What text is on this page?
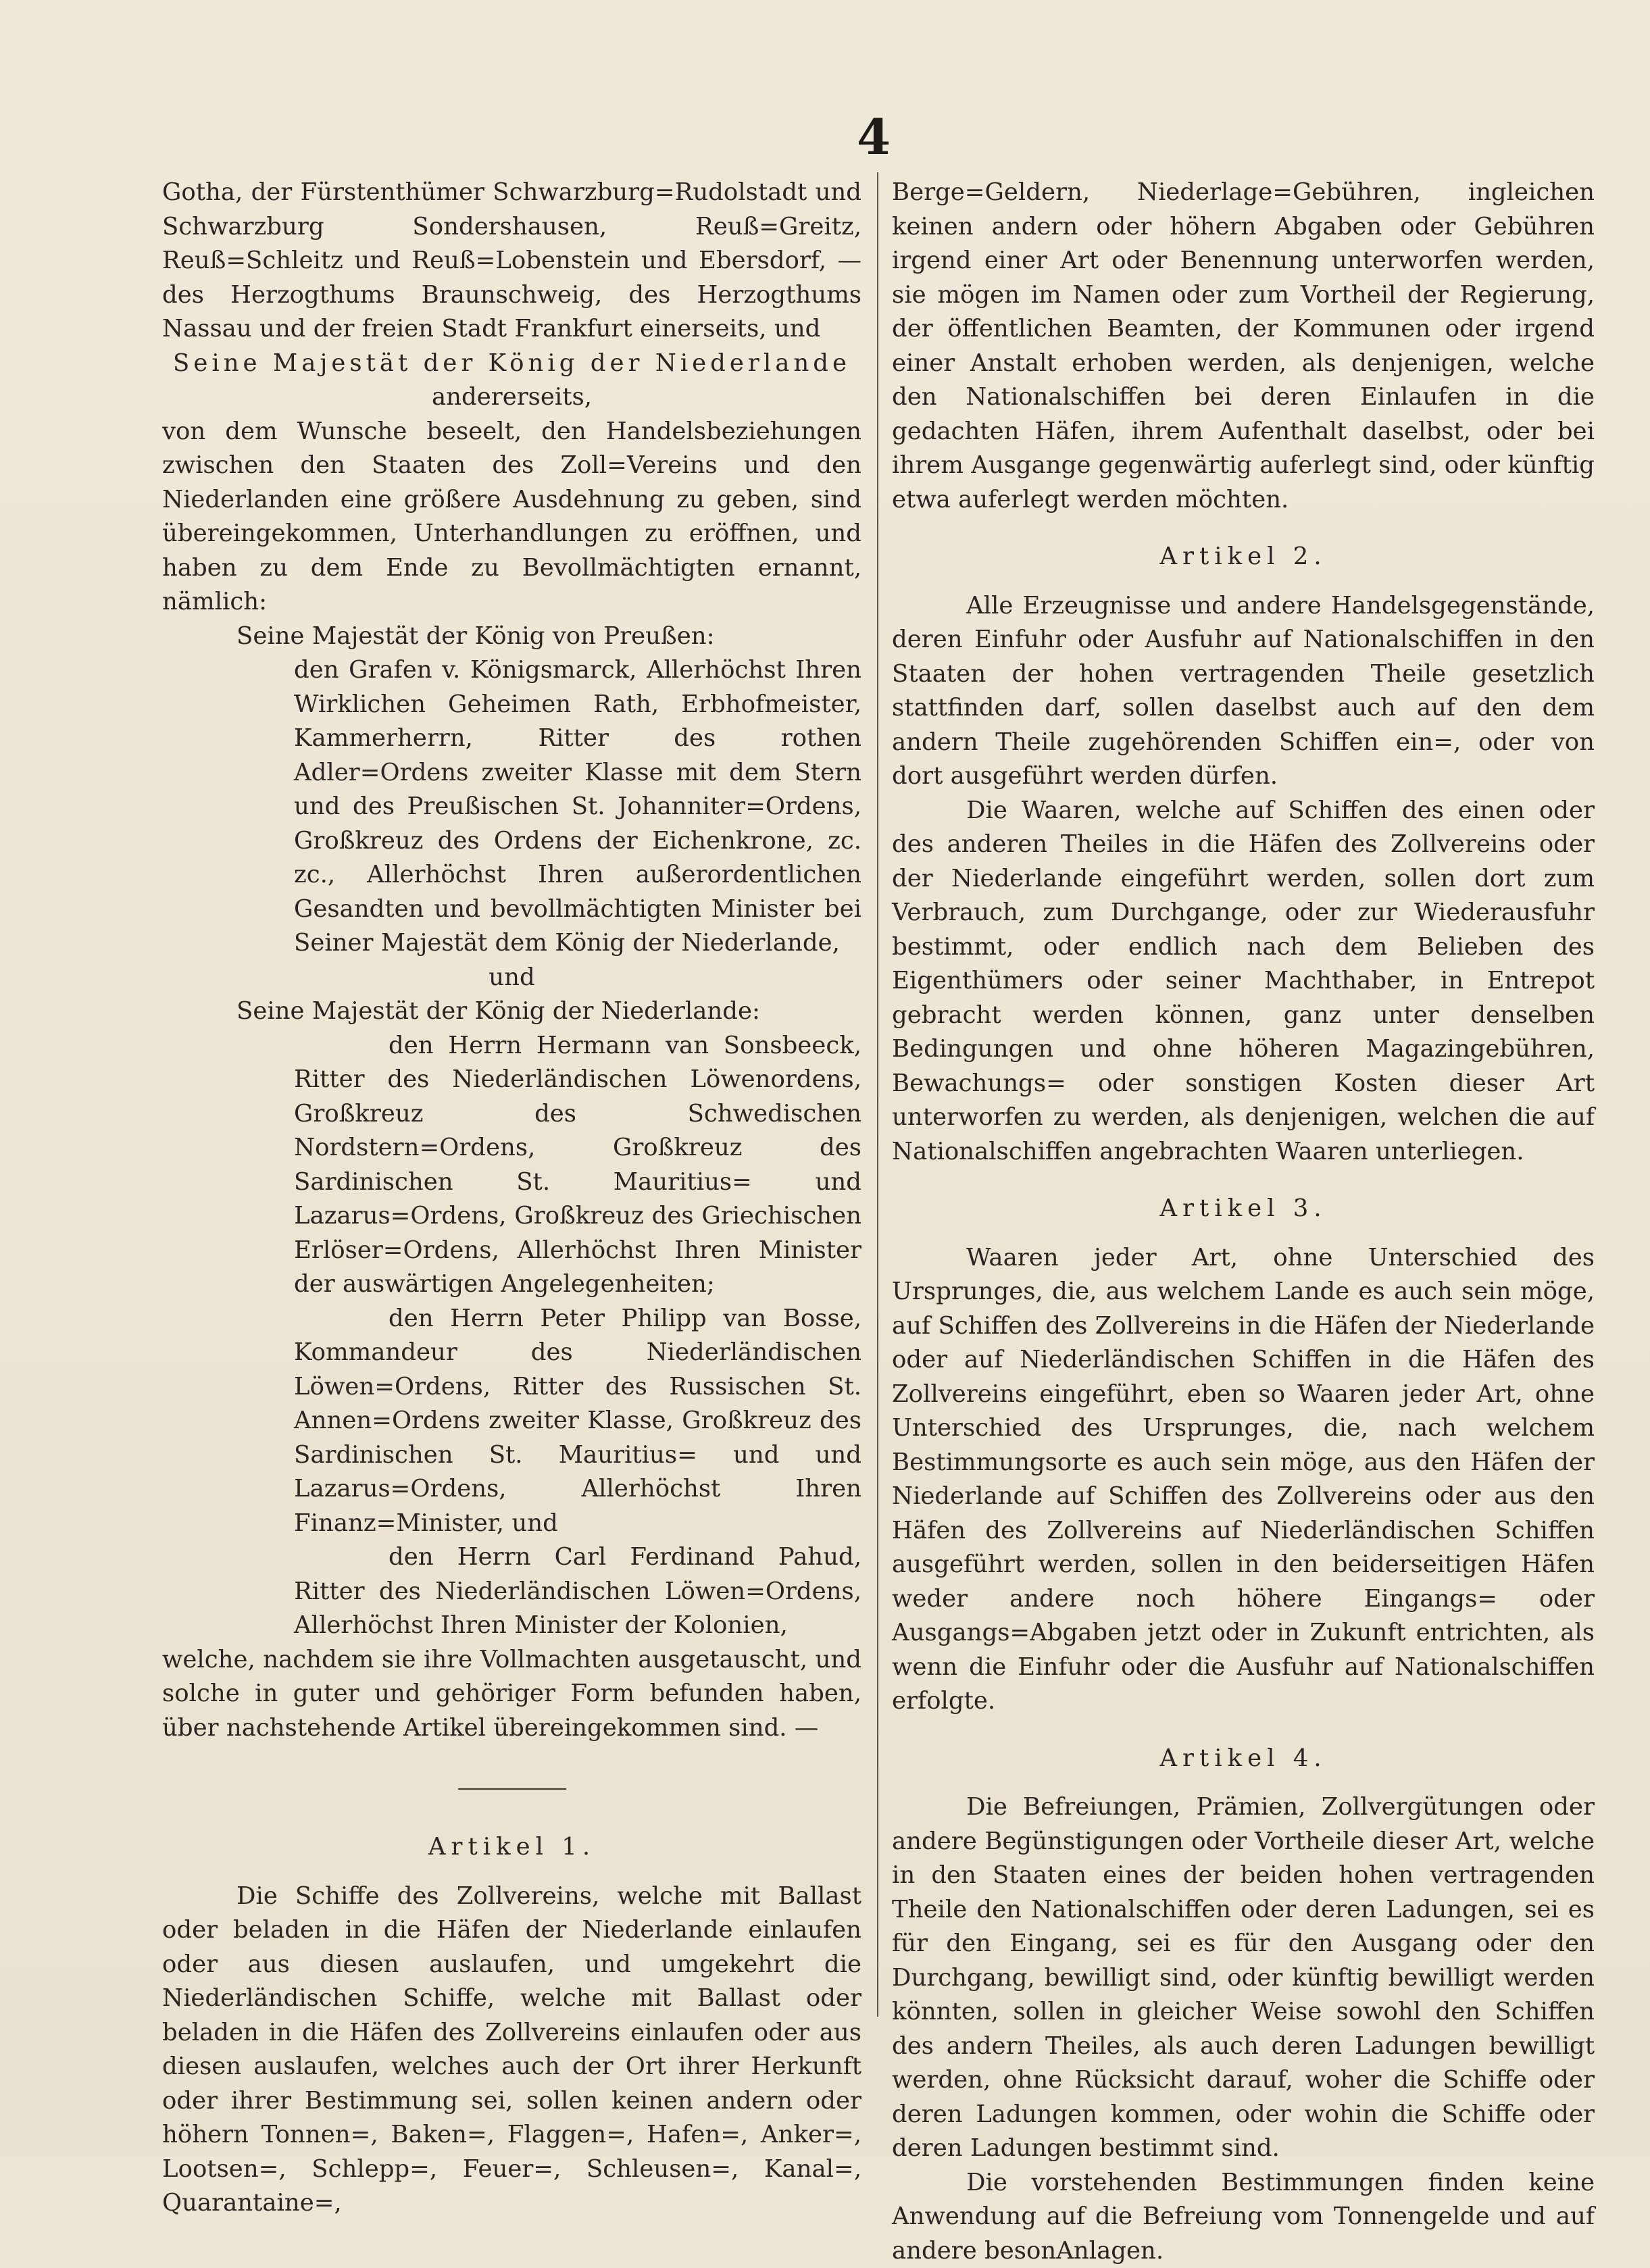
4

Gotha, der Fürstenthümer Schwarzburg=Rudolstadt und Schwarzburg Sondershausen, Reuß=Greitz, Reuß=Schleitz und Reuß=Lobenstein und Ebersdorf, — des Herzogthums Braunschweig, des Herzogthums Nassau und der freien Stadt Frankfurt einerseits, und

Seine Majestät der König der Niederlande

andererseits,

von dem Wunsche beseelt, den Handelsbeziehungen zwischen den Staaten des Zoll=Vereins und den Niederlanden eine größere Ausdehnung zu geben, sind übereingekommen, Unterhandlungen zu eröffnen, und haben zu dem Ende zu Bevollmächtigten ernannt, nämlich:

Seine Majestät der König von Preußen:

den Grafen v. Königsmarck, Allerhöchst Ihren Wirklichen Geheimen Rath, Erbhofmeister, Kammerherrn, Ritter des rothen Adler=Ordens zweiter Klasse mit dem Stern und des Preußischen St. Johanniter=Ordens, Großkreuz des Ordens der Eichenkrone, zc. zc., Allerhöchst Ihren außerordentlichen Gesandten und bevollmächtigten Minister bei Seiner Majestät dem König der Niederlande,

und

Seine Majestät der König der Niederlande:

den Herrn Hermann van Sonsbeeck, Ritter des Niederländischen Löwenordens, Großkreuz des Schwedischen Nordstern=Ordens, Großkreuz des Sardinischen St. Mauritius= und Lazarus=Ordens, Großkreuz des Griechischen Erlöser=Ordens, Allerhöchst Ihren Minister der auswärtigen Angelegenheiten;

den Herrn Peter Philipp van Bosse, Kommandeur des Niederländischen Löwen=Ordens, Ritter des Russischen St. Annen=Ordens zweiter Klasse, Großkreuz des Sardinischen St. Mauritius= und und Lazarus=Ordens, Allerhöchst Ihren Finanz=Minister, und

den Herrn Carl Ferdinand Pahud, Ritter des Niederländischen Löwen=Ordens, Allerhöchst Ihren Minister der Kolonien,

welche, nachdem sie ihre Vollmachten ausgetauscht, und solche in guter und gehöriger Form befunden haben, über nachstehende Artikel übereingekommen sind. —

Artikel 1.

Die Schiffe des Zollvereins, welche mit Ballast oder beladen in die Häfen der Niederlande einlaufen oder aus diesen auslaufen, und umgekehrt die Niederländischen Schiffe, welche mit Ballast oder beladen in die Häfen des Zollvereins einlaufen oder aus diesen auslaufen, welches auch der Ort ihrer Herkunft oder ihrer Bestimmung sei, sollen keinen andern oder höhern Tonnen=, Baken=, Flaggen=, Hafen=, Anker=, Lootsen=, Schlepp=, Feuer=, Schleusen=, Kanal=, Quarantaine=,

Berge=Geldern, Niederlage=Gebühren, ingleichen keinen andern oder höhern Abgaben oder Gebühren irgend einer Art oder Benennung unterworfen werden, sie mögen im Namen oder zum Vortheil der Regierung, der öffentlichen Beamten, der Kommunen oder irgend einer Anstalt erhoben werden, als denjenigen, welche den Nationalschiffen bei deren Einlaufen in die gedachten Häfen, ihrem Aufenthalt daselbst, oder bei ihrem Ausgange gegenwärtig auferlegt sind, oder künftig etwa auferlegt werden möchten.

Artikel 2.

Alle Erzeugnisse und andere Handelsgegenstände, deren Einfuhr oder Ausfuhr auf Nationalschiffen in den Staaten der hohen vertragenden Theile gesetzlich stattfinden darf, sollen daselbst auch auf den dem andern Theile zugehörenden Schiffen ein=, oder von dort ausgeführt werden dürfen.

Die Waaren, welche auf Schiffen des einen oder des anderen Theiles in die Häfen des Zollvereins oder der Niederlande eingeführt werden, sollen dort zum Verbrauch, zum Durchgange, oder zur Wiederausfuhr bestimmt, oder endlich nach dem Belieben des Eigenthümers oder seiner Machthaber, in Entrepot gebracht werden können, ganz unter denselben Bedingungen und ohne höheren Magazingebühren, Bewachungs= oder sonstigen Kosten dieser Art unterworfen zu werden, als denjenigen, welchen die auf Nationalschiffen angebrachten Waaren unterliegen.

Artikel 3.

Waaren jeder Art, ohne Unterschied des Ursprunges, die, aus welchem Lande es auch sein möge, auf Schiffen des Zollvereins in die Häfen der Niederlande oder auf Niederländischen Schiffen in die Häfen des Zollvereins eingeführt, eben so Waaren jeder Art, ohne Unterschied des Ursprunges, die, nach welchem Bestimmungsorte es auch sein möge, aus den Häfen der Niederlande auf Schiffen des Zollvereins oder aus den Häfen des Zollvereins auf Niederländischen Schiffen ausgeführt werden, sollen in den beiderseitigen Häfen weder andere noch höhere Eingangs= oder Ausgangs=Abgaben jetzt oder in Zukunft entrichten, als wenn die Einfuhr oder die Ausfuhr auf Nationalschiffen erfolgte.

Artikel 4.

Die Befreiungen, Prämien, Zollvergütungen oder andere Begünstigungen oder Vortheile dieser Art, welche in den Staaten eines der beiden hohen vertragenden Theile den Nationalschiffen oder deren Ladungen, sei es für den Eingang, sei es für den Ausgang oder den Durchgang, bewilligt sind, oder künftig bewilligt werden könnten, sollen in gleicher Weise sowohl den Schiffen des andern Theiles, als auch deren Ladungen bewilligt werden, ohne Rücksicht darauf, woher die Schiffe oder deren Ladungen kommen, oder wohin die Schiffe oder deren Ladungen bestimmt sind.

Die vorstehenden Bestimmungen finden keine Anwendung auf die Befreiung vom Tonnengelde und auf andere besonAnlagen.
